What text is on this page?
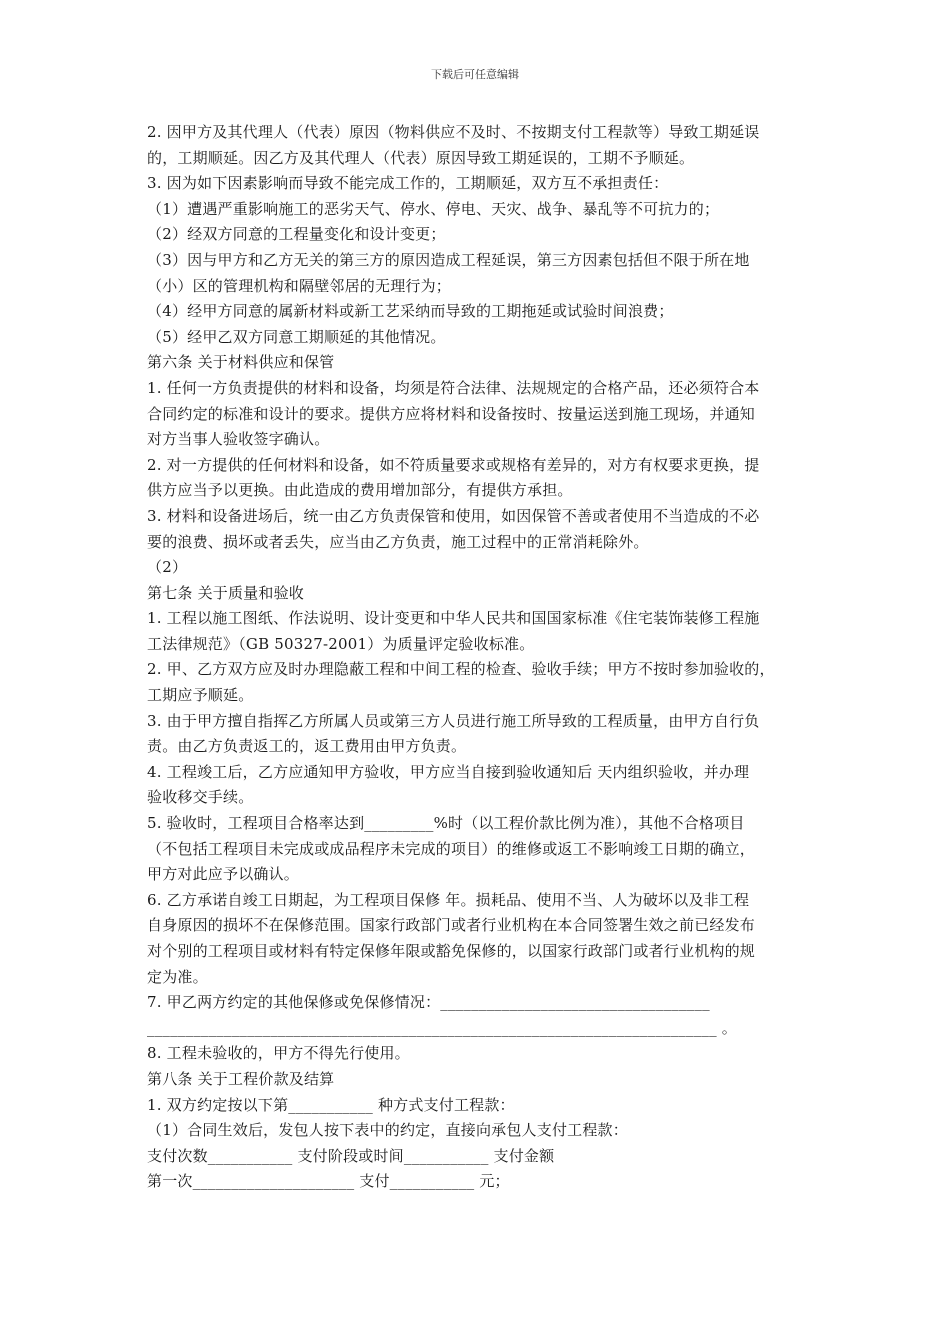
下载后可任意编辑
2. 因甲方及其代理人（代表）原因（物料供应不及时、不按期支付工程款等）导致工期延误
的，工期顺延。因乙方及其代理人（代表）原因导致工期延误的，工期不予顺延。
3. 因为如下因素影响而导致不能完成工作的，工期顺延，双方互不承担责任：
（1）遭遇严重影响施工的恶劣天气、停水、停电、天灾、战争、暴乱等不可抗力的；
（2）经双方同意的工程量变化和设计变更；
（3）因与甲方和乙方无关的第三方的原因造成工程延误，第三方因素包括但不限于所在地
（小）区的管理机构和隔壁邻居的无理行为；
（4）经甲方同意的属新材料或新工艺采纳而导致的工期拖延或试验时间浪费；
（5）经甲乙双方同意工期顺延的其他情况。
第六条 关于材料供应和保管
1. 任何一方负责提供的材料和设备，均须是符合法律、法规规定的合格产品，还必须符合本
合同约定的标准和设计的要求。提供方应将材料和设备按时、按量运送到施工现场，并通知
对方当事人验收签字确认。
2. 对一方提供的任何材料和设备，如不符质量要求或规格有差异的，对方有权要求更换，提
供方应当予以更换。由此造成的费用增加部分，有提供方承担。
3. 材料和设备进场后，统一由乙方负责保管和使用，如因保管不善或者使用不当造成的不必
要的浪费、损坏或者丢失，应当由乙方负责，施工过程中的正常消耗除外。
（2）
第七条 关于质量和验收
1. 工程以施工图纸、作法说明、设计变更和中华人民共和国国家标准《住宅装饰装修工程施
工法律规范》（GB 50327-2001）为质量评定验收标准。
2. 甲、乙方双方应及时办理隐蔽工程和中间工程的检查、验收手续；甲方不按时参加验收的，
工期应予顺延。
3. 由于甲方擅自指挥乙方所属人员或第三方人员进行施工所导致的工程质量，由甲方自行负
责。由乙方负责返工的，返工费用由甲方负责。
4. 工程竣工后，乙方应通知甲方验收，甲方应当自接到验收通知后 天内组织验收，并办理
验收移交手续。
5. 验收时，工程项目合格率达到_________%时（以工程价款比例为准），其他不合格项目
（不包括工程项目未完成或成品程序未完成的项目）的维修或返工不影响竣工日期的确立，
甲方对此应予以确认。
6. 乙方承诺自竣工日期起，为工程项目保修 年。损耗品、使用不当、人为破坏以及非工程
自身原因的损坏不在保修范围。国家行政部门或者行业机构在本合同签署生效之前已经发布
对个别的工程项目或材料有特定保修年限或豁免保修的，以国家行政部门或者行业机构的规
定为准。
7. 甲乙两方约定的其他保修或免保修情况：___________________________________
__________________________________________________________________________ 。
8. 工程未验收的，甲方不得先行使用。
第八条 关于工程价款及结算
1. 双方约定按以下第___________ 种方式支付工程款：
（1）合同生效后，发包人按下表中的约定，直接向承包人支付工程款：
支付次数___________ 支付阶段或时间___________ 支付金额
第一次_____________________ 支付___________ 元；
